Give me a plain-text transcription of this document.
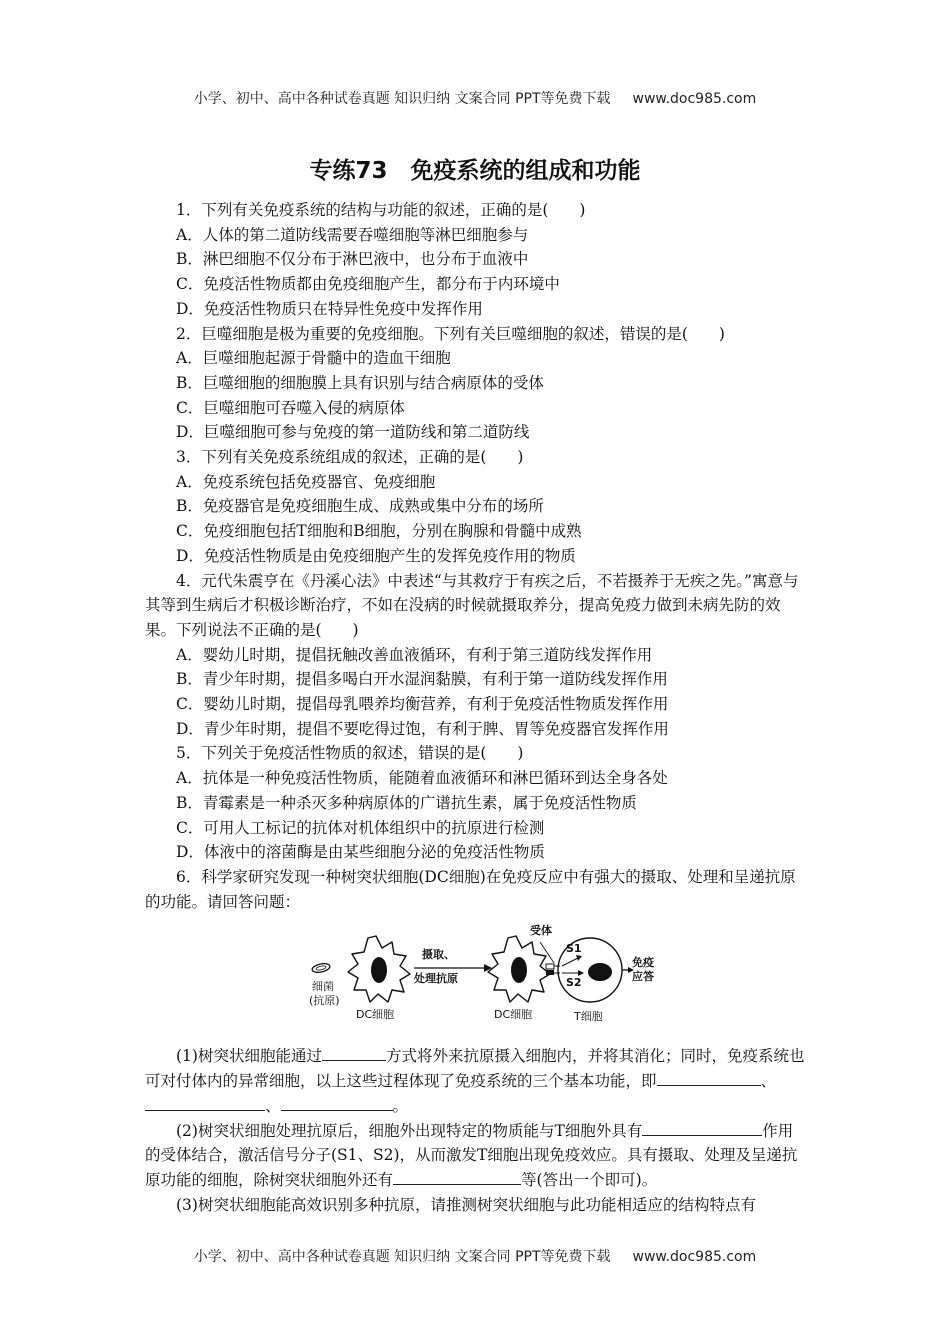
小学、初中、高中各种试卷真题 知识归纳 文案合同 PPT等免费下载 www.doc985.com
专练73　免疫系统的组成和功能

1．下列有关免疫系统的结构与功能的叙述，正确的是(　　)

A．人体的第二道防线需要吞噬细胞等淋巴细胞参与

B．淋巴细胞不仅分布于淋巴液中，也分布于血液中

C．免疫活性物质都由免疫细胞产生，都分布于内环境中

D．免疫活性物质只在特异性免疫中发挥作用

2．巨噬细胞是极为重要的免疫细胞。下列有关巨噬细胞的叙述，错误的是(　　)

A．巨噬细胞起源于骨髓中的造血干细胞

B．巨噬细胞的细胞膜上具有识别与结合病原体的受体

C．巨噬细胞可吞噬入侵的病原体

D．巨噬细胞可参与免疫的第一道防线和第二道防线

3．下列有关免疫系统组成的叙述，正确的是(　　)

A．免疫系统包括免疫器官、免疫细胞

B．免疫器官是免疫细胞生成、成熟或集中分布的场所

C．免疫细胞包括T细胞和B细胞，分别在胸腺和骨髓中成熟

D．免疫活性物质是由免疫细胞产生的发挥免疫作用的物质

4．元代朱震亨在《丹溪心法》中表述“与其救疗于有疾之后，不若摄养于无疾之先。”寓意与其等到生病后才积极诊断治疗，不如在没病的时候就摄取养分，提高免疫力做到未病先防的效果。下列说法不正确的是(　　)

A．婴幼儿时期，提倡抚触改善血液循环，有利于第三道防线发挥作用

B．青少年时期，提倡多喝白开水湿润黏膜，有利于第一道防线发挥作用

C．婴幼儿时期，提倡母乳喂养均衡营养，有利于免疫活性物质发挥作用

D．青少年时期，提倡不要吃得过饱，有利于脾、胃等免疫器官发挥作用

5．下列关于免疫活性物质的叙述，错误的是(　　)

A．抗体是一种免疫活性物质，能随着血液循环和淋巴循环到达全身各处

B．青霉素是一种杀灭多种病原体的广谱抗生素，属于免疫活性物质

C．可用人工标记的抗体对机体组织中的抗原进行检测

D．体液中的溶菌酶是由某些细胞分泌的免疫活性物质

6．科学家研究发现一种树突状细胞(DC细胞)在免疫反应中有强大的摄取、处理和呈递抗原的功能。请回答问题：

细菌
(抗原)
DC细胞
摄取、
处理抗原
DC细胞
受体
S1
S2
T细胞
免疫
应答

(1)树突状细胞能通过	方式将外来抗原摄入细胞内，并将其消化；同时，免疫系统也可对付体内的异常细胞，以上这些过程体现了免疫系统的三个基本功能，即	、、	。

(2)树突状细胞处理抗原后，细胞外出现特定的物质能与T细胞外具有	作用的受体结合，激活信号分子(S1、S2)，从而激发T细胞出现免疫效应。具有摄取、处理及呈递抗原功能的细胞，除树突状细胞外还有	等(答出一个即可)。

(3)树突状细胞能高效识别多种抗原，请推测树突状细胞与此功能相适应的结构特点有

小学、初中、高中各种试卷真题 知识归纳 文案合同 PPT等免费下载 www.doc985.com
